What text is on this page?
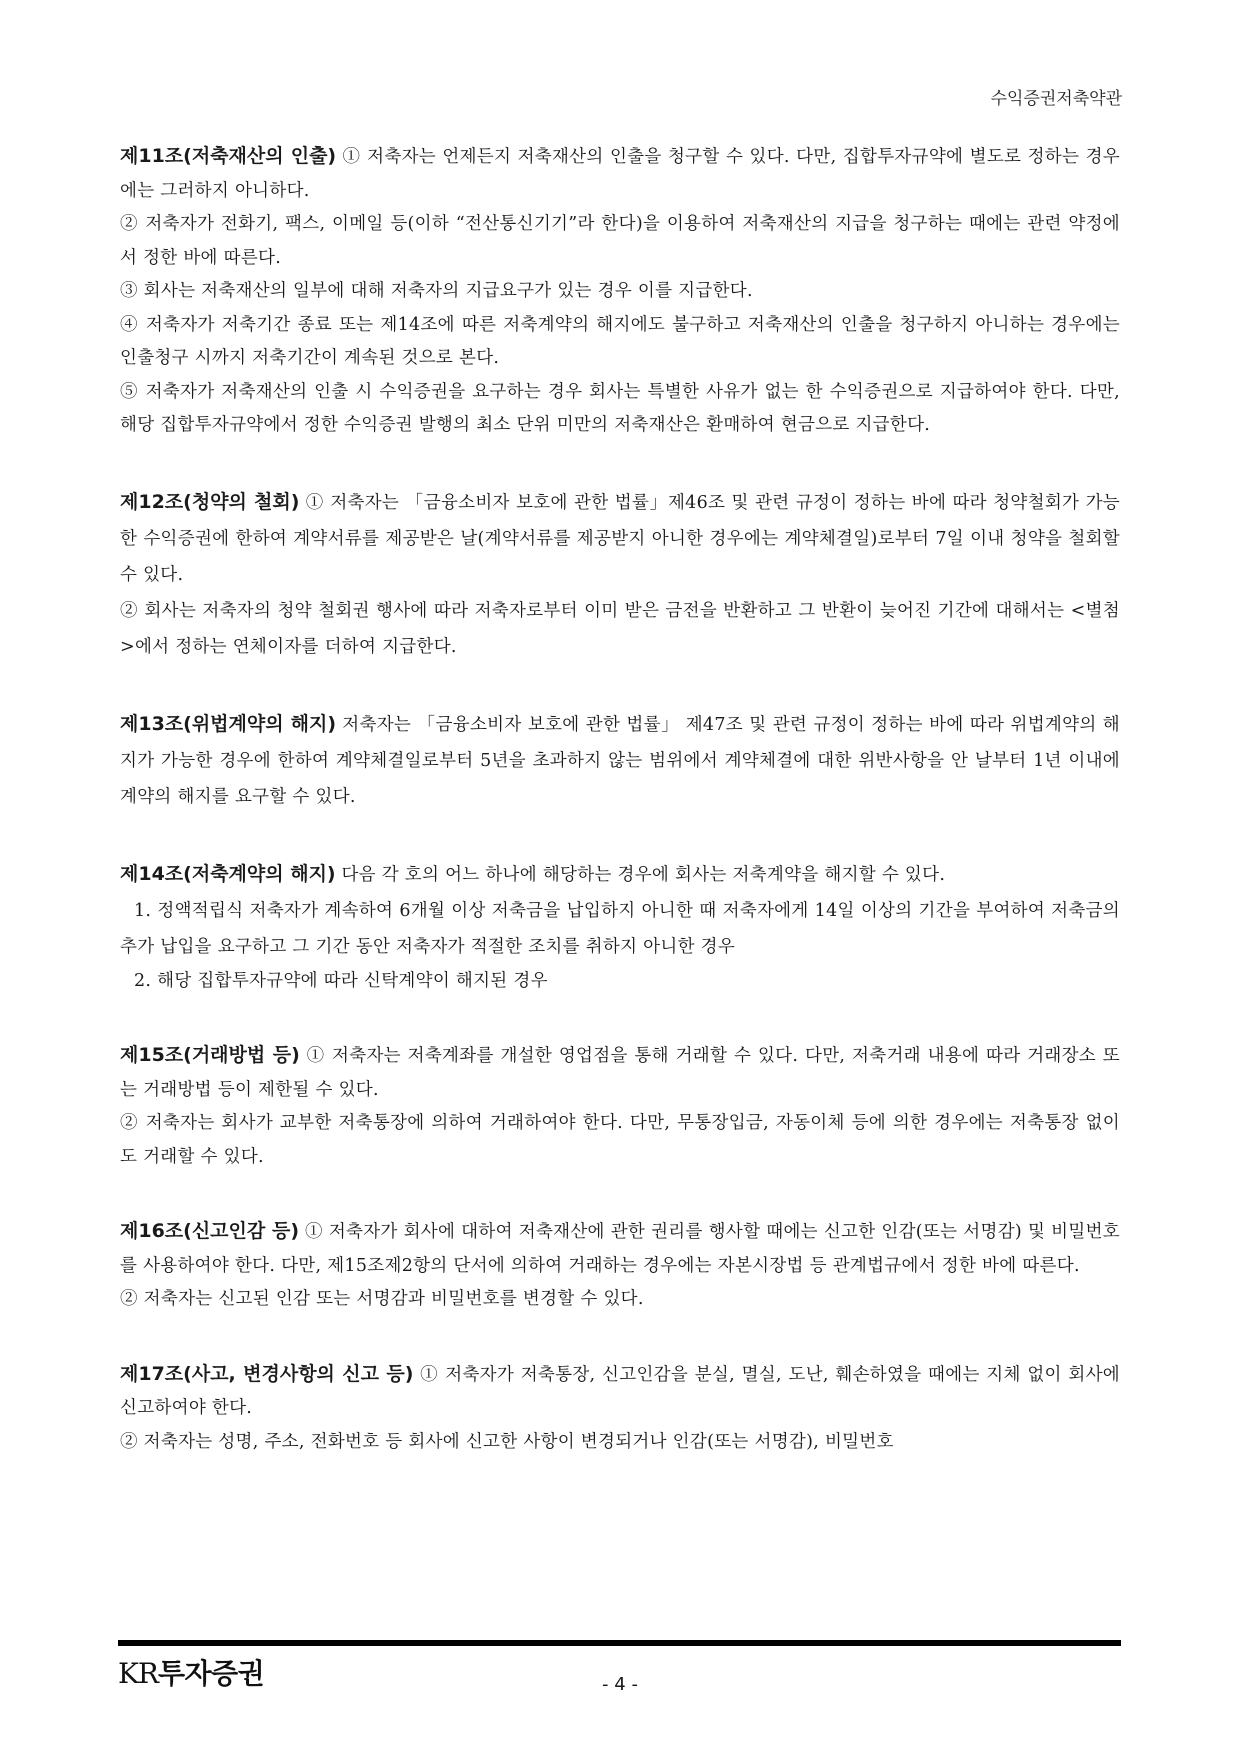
수익증권저축약관

제11조(저축재산의 인출) ① 저축자는 언제든지 저축재산의 인출을 청구할 수 있다. 다만, 집합투자규약에 별도로 정하는 경우에는 그러하지 아니하다.

② 저축자가 전화기, 팩스, 이메일 등(이하 “전산통신기기”라 한다)을 이용하여 저축재산의 지급을 청구하는 때에는 관련 약정에서 정한 바에 따른다.

③ 회사는 저축재산의 일부에 대해 저축자의 지급요구가 있는 경우 이를 지급한다.

④ 저축자가 저축기간 종료 또는 제14조에 따른 저축계약의 해지에도 불구하고 저축재산의 인출을 청구하지 아니하는 경우에는 인출청구 시까지 저축기간이 계속된 것으로 본다.

⑤ 저축자가 저축재산의 인출 시 수익증권을 요구하는 경우 회사는 특별한 사유가 없는 한 수익증권으로 지급하여야 한다. 다만, 해당 집합투자규약에서 정한 수익증권 발행의 최소 단위 미만의 저축재산은 환매하여 현금으로 지급한다.

제12조(청약의 철회) ① 저축자는 「금융소비자 보호에 관한 법률」제46조 및 관련 규정이 정하는 바에 따라 청약철회가 가능한 수익증권에 한하여 계약서류를 제공받은 날(계약서류를 제공받지 아니한 경우에는 계약체결일)로부터 7일 이내 청약을 철회할 수 있다.

② 회사는 저축자의 청약 철회권 행사에 따라 저축자로부터 이미 받은 금전을 반환하고 그 반환이 늦어진 기간에 대해서는 <별첨>에서 정하는 연체이자를 더하여 지급한다.

제13조(위법계약의 해지) 저축자는 「금융소비자 보호에 관한 법률」 제47조 및 관련 규정이 정하는 바에 따라 위법계약의 해지가 가능한 경우에 한하여 계약체결일로부터 5년을 초과하지 않는 범위에서 계약체결에 대한 위반사항을 안 날부터 1년 이내에 계약의 해지를 요구할 수 있다.

제14조(저축계약의 해지) 다음 각 호의 어느 하나에 해당하는 경우에 회사는 저축계약을 해지할 수 있다.

1. 정액적립식 저축자가 계속하여 6개월 이상 저축금을 납입하지 아니한 때 저축자에게 14일 이상의 기간을 부여하여 저축금의 추가 납입을 요구하고 그 기간 동안 저축자가 적절한 조치를 취하지 아니한 경우

2. 해당 집합투자규약에 따라 신탁계약이 해지된 경우

제15조(거래방법 등) ① 저축자는 저축계좌를 개설한 영업점을 통해 거래할 수 있다. 다만, 저축거래 내용에 따라 거래장소 또는 거래방법 등이 제한될 수 있다.

② 저축자는 회사가 교부한 저축통장에 의하여 거래하여야 한다. 다만, 무통장입금, 자동이체 등에 의한 경우에는 저축통장 없이도 거래할 수 있다.

제16조(신고인감 등) ① 저축자가 회사에 대하여 저축재산에 관한 권리를 행사할 때에는 신고한 인감(또는 서명감) 및 비밀번호를 사용하여야 한다. 다만, 제15조제2항의 단서에 의하여 거래하는 경우에는 자본시장법 등 관계법규에서 정한 바에 따른다.

② 저축자는 신고된 인감 또는 서명감과 비밀번호를 변경할 수 있다.

제17조(사고, 변경사항의 신고 등) ① 저축자가 저축통장, 신고인감을 분실, 멸실, 도난, 훼손하였을 때에는 지체 없이 회사에 신고하여야 한다.

② 저축자는 성명, 주소, 전화번호 등 회사에 신고한 사항이 변경되거나 인감(또는 서명감), 비밀번호

KR투자증권	- 4 -
